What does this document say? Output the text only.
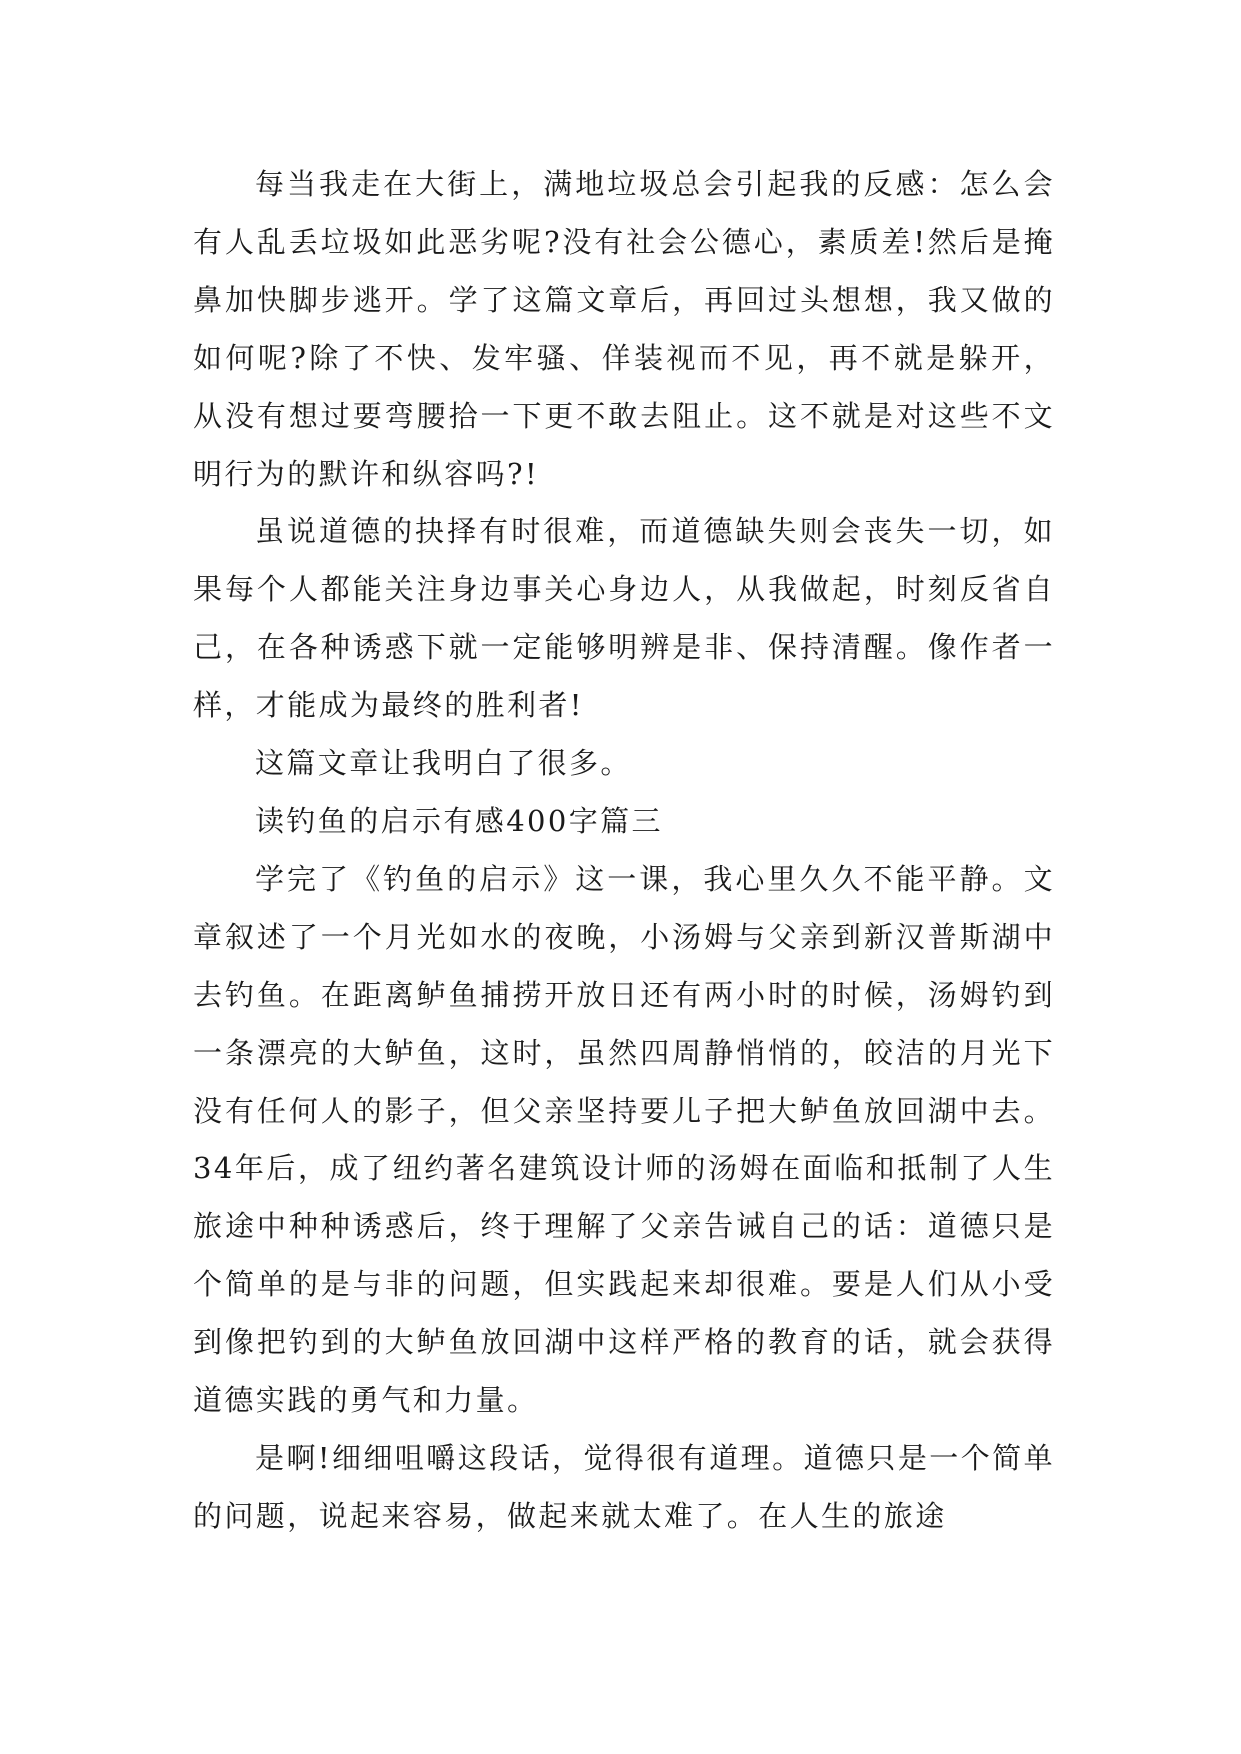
每当我走在大街上，满地垃圾总会引起我的反感：怎么会有人乱丢垃圾如此恶劣呢?没有社会公德心，素质差!然后是掩鼻加快脚步逃开。学了这篇文章后，再回过头想想，我又做的如何呢?除了不快、发牢骚、佯装视而不见，再不就是躲开，从没有想过要弯腰拾一下更不敢去阻止。这不就是对这些不文明行为的默许和纵容吗?!

虽说道德的抉择有时很难，而道德缺失则会丧失一切，如果每个人都能关注身边事关心身边人，从我做起，时刻反省自己，在各种诱惑下就一定能够明辨是非、保持清醒。像作者一样，才能成为最终的胜利者!

这篇文章让我明白了很多。

读钓鱼的启示有感400字篇三

学完了《钓鱼的启示》这一课，我心里久久不能平静。文章叙述了一个月光如水的夜晚，小汤姆与父亲到新汉普斯湖中去钓鱼。在距离鲈鱼捕捞开放日还有两小时的时候，汤姆钓到一条漂亮的大鲈鱼，这时，虽然四周静悄悄的，皎洁的月光下没有任何人的影子，但父亲坚持要儿子把大鲈鱼放回湖中去。34年后，成了纽约著名建筑设计师的汤姆在面临和抵制了人生旅途中种种诱惑后，终于理解了父亲告诫自己的话：道德只是个简单的是与非的问题，但实践起来却很难。要是人们从小受到像把钓到的大鲈鱼放回湖中这样严格的教育的话，就会获得道德实践的勇气和力量。

是啊!细细咀嚼这段话，觉得很有道理。道德只是一个简单的问题，说起来容易，做起来就太难了。在人生的旅途
